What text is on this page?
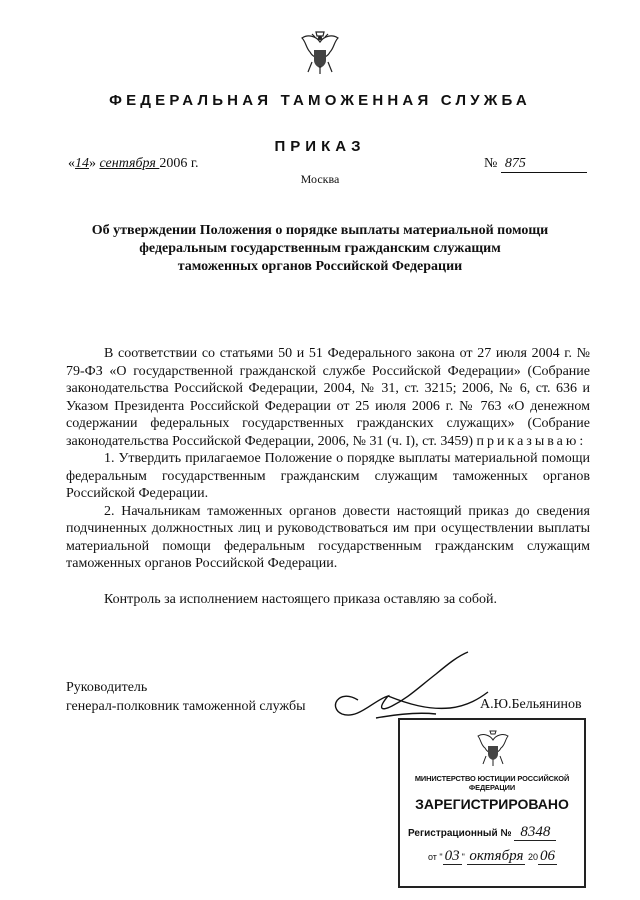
ФЕДЕРАЛЬНАЯ ТАМОЖЕННАЯ СЛУЖБА
ПРИКАЗ
«14» сентября 2006 г.	№ 875
Москва
Об утверждении Положения о порядке выплаты материальной помощи
федеральным государственным гражданским служащим
таможенных органов Российской Федерации

В соответствии со статьями 50 и 51 Федерального закона от 27 июля 2004 г. № 79-ФЗ «О государственной гражданской службе Российской Федерации» (Собрание законодательства Российской Федерации, 2004, № 31, ст. 3215; 2006, № 6, ст. 636 и Указом Президента Российской Федерации от 25 июля 2006 г. № 763 «О денежном содержании федеральных государственных гражданских служащих» (Собрание законодательства Российской Федерации, 2006, № 31 (ч. I), ст. 3459) приказываю:

1. Утвердить прилагаемое Положение о порядке выплаты материальной помощи федеральным государственным гражданским служащим таможенных органов Российской Федерации.

2. Начальникам таможенных органов довести настоящий приказ до сведения подчиненных должностных лиц и руководствоваться им при осуществлении выплаты материальной помощи федеральным государственным гражданским служащим таможенных органов Российской Федерации.

Контроль за исполнением настоящего приказа оставляю за собой.

Руководитель
генерал-полковник таможенной службы	А.Ю.Бельянинов
МИНИСТЕРСТВО ЮСТИЦИИ РОССИЙСКОЙ ФЕДЕРАЦИИ
ЗАРЕГИСТРИРОВАНО
Регистрационный № 8348
от " 03 " октября 20 06
